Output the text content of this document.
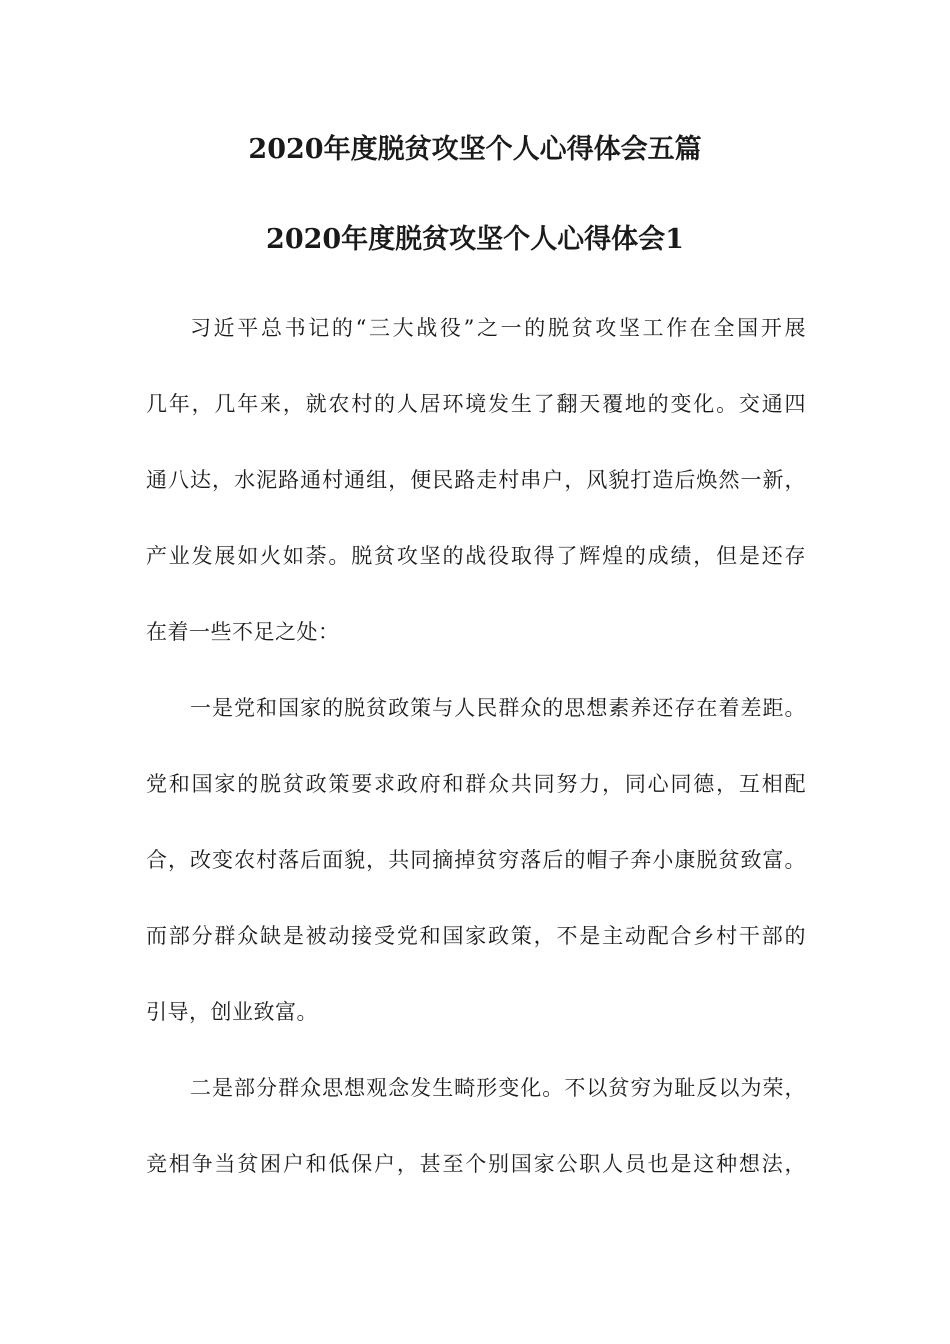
2020年度脱贫攻坚个人心得体会五篇
2020年度脱贫攻坚个人心得体会1
习近平总书记的“三大战役”之一的脱贫攻坚工作在全国开展
几年，几年来，就农村的人居环境发生了翻天覆地的变化。交通四
通八达，水泥路通村通组，便民路走村串户，风貌打造后焕然一新，
产业发展如火如荼。脱贫攻坚的战役取得了辉煌的成绩，但是还存
在着一些不足之处：
一是党和国家的脱贫政策与人民群众的思想素养还存在着差距。
党和国家的脱贫政策要求政府和群众共同努力，同心同德，互相配
合，改变农村落后面貌，共同摘掉贫穷落后的帽子奔小康脱贫致富。
而部分群众缺是被动接受党和国家政策，不是主动配合乡村干部的
引导，创业致富。
二是部分群众思想观念发生畸形变化。不以贫穷为耻反以为荣，
竞相争当贫困户和低保户，甚至个别国家公职人员也是这种想法，
